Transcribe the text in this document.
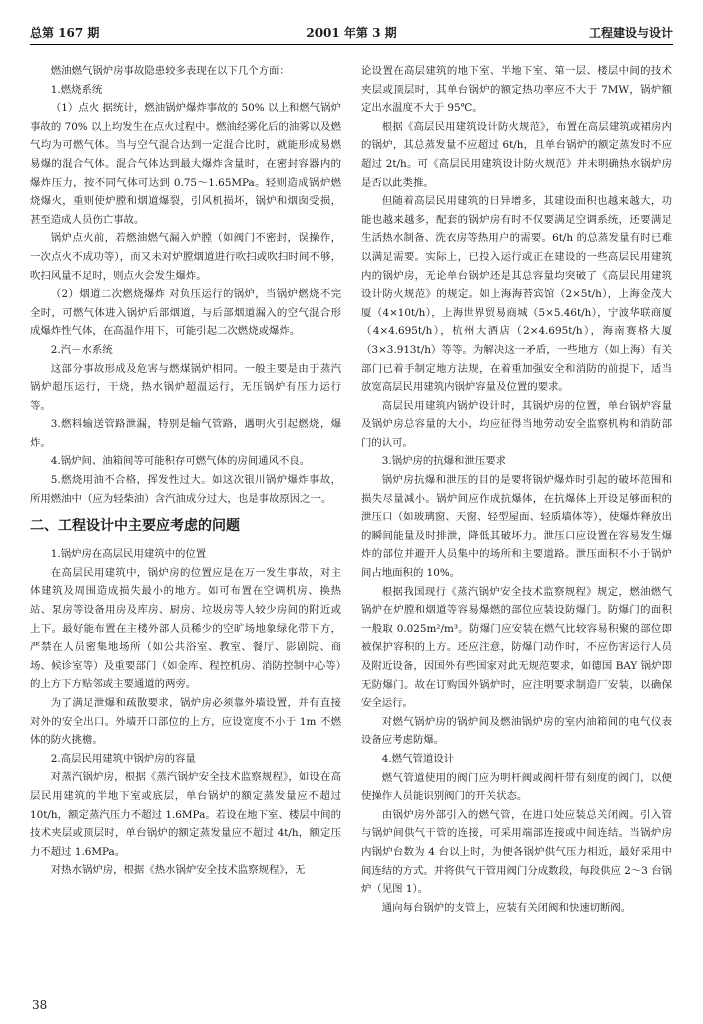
总第 167 期	2001 年第 3 期	工程建设与设计

燃油燃气锅炉房事故隐患较多表现在以下几个方面：

1.燃烧系统

（1）点火 据统计，燃油锅炉爆炸事故的 50% 以上和燃气锅炉事故的 70% 以上均发生在点火过程中。燃油经雾化后的油雾以及燃气均为可燃气体。当与空气混合达到一定混合比时，就能形成易燃易爆的混合气体。混合气体达到最大爆炸含量时，在密封容器内的爆炸压力，按不同气体可达到 0.75～1.65MPa。轻则造成锅炉燃烧爆火，重则使炉膛和烟道爆裂，引风机损坏，锅炉和烟囱受损，甚至造成人员伤亡事故。

锅炉点火前，若燃油燃气漏入炉膛（如阀门不密封，误操作，一次点火不成功等），而又未对炉膛烟道进行吹扫或吹扫时间不够，吹扫风量不足时，则点火会发生爆炸。

（2）烟道二次燃烧爆炸 对负压运行的锅炉，当锅炉燃烧不完全时，可燃气体进入锅炉后部烟道，与后部烟道漏入的空气混合形成爆炸性气体，在高温作用下，可能引起二次燃烧或爆炸。

2.汽－水系统

这部分事故形成及危害与燃煤锅炉相同。一般主要是由于蒸汽锅炉超压运行，干烧，热水锅炉超温运行，无压锅炉有压力运行等。

3.燃料输送管路泄漏，特别是输气管路，遇明火引起燃烧，爆炸。

4.锅炉间、油箱间等可能积存可燃气体的房间通风不良。

5.燃烧用油不合格，挥发性过大。如这次银川锅炉爆炸事故，所用燃油中（应为轻柴油）含汽油成分过大，也是事故原因之一。

二、工程设计中主要应考虑的问题

1.锅炉房在高层民用建筑中的位置

在高层民用建筑中，锅炉房的位置应是在万一发生事故，对主体建筑及周围造成损失最小的地方。如可布置在空调机房、换热站、泵房等设备用房及库房、厨房、垃圾房等人较少房间的附近或上下。最好能布置在主楼外部人员稀少的空旷场地象绿化带下方，严禁在人员密集地场所（如公共浴室、教室、餐厅、影剧院、商场、候诊室等）及重要部门（如金库、程控机房、消防控制中心等）的上方下方贴邻或主要通道的两旁。

为了满足泄爆和疏散要求，锅炉房必须靠外墙设置，并有直接对外的安全出口。外墙开口部位的上方，应设宽度不小于 1m 不燃体的防火挑檐。

2.高层民用建筑中锅炉房的容量

对蒸汽锅炉房，根据《蒸汽锅炉安全技术监察规程》，如设在高层民用建筑的半地下室或底层，单台锅炉的额定蒸发量应不超过 10t/h，额定蒸汽压力不超过 1.6MPa。若设在地下室、楼层中间的技术夹层或顶层时，单台锅炉的额定蒸发量应不超过 4t/h，额定压力不超过 1.6MPa。

对热水锅炉房，根据《热水锅炉安全技术监察规程》，无

论设置在高层建筑的地下室、半地下室、第一层、楼层中间的技术夹层或顶层时，其单台锅炉的额定热功率应不大于 7MW，锅炉额定出水温度不大于 95℃。

根据《高层民用建筑设计防火规范》，布置在高层建筑或裙房内的锅炉，其总蒸发量不应超过 6t/h，且单台锅炉的额定蒸发时不应超过 2t/h。可《高层民用建筑设计防火规范》并未明确热水锅炉房是否以此类推。

但随着高层民用建筑的日异增多，其建设面积也越来越大，功能也越来越多，配套的锅炉房有时不仅要满足空调系统，还要满足生活热水制备、洗衣房等热用户的需要。6t/h 的总蒸发量有时已难以满足需要。实际上，已投入运行或正在建设的一些高层民用建筑内的锅炉房，无论单台锅炉还是其总容量均突破了《高层民用建筑设计防火规范》的规定。如上海海苔宾馆（2×5t/h），上海金茂大厦（4×10t/h），上海世界贸易商城（5×5.46t/h），宁波华联商厦（4×4.695t/h），杭州大酒店（2×4.695t/h），海南赛格大厦（3×3.913t/h）等等。为解决这一矛盾，一些地方（如上海）有关部门已着手制定地方法规，在着重加强安全和消防的前提下，适当放宽高层民用建筑内锅炉容量及位置的要求。

高层民用建筑内锅炉设计时，其锅炉房的位置，单台锅炉容量及锅炉房总容量的大小，均应征得当地劳动安全监察机构和消防部门的认可。

3.锅炉房的抗爆和泄压要求

锅炉房抗爆和泄压的目的是要将锅炉爆炸时引起的破坏范围和损失尽量减小。锅炉间应作成抗爆体，在抗爆体上开设足够面积的泄压口（如玻璃窗、天窗、轻型屋面、轻质墙体等），使爆炸释放出的瞬间能量及时排泄，降低其破坏力。泄压口应设置在容易发生爆炸的部位并避开人员集中的场所和主要道路。泄压面积不小于锅炉间占地面积的 10%。

根据我国现行《蒸汽锅炉安全技术监察规程》规定，燃油燃气锅炉在炉膛和烟道等容易爆燃的部位应装设防爆门。防爆门的面积一般取 0.025m²/m³。防爆门应安装在燃气比较容易积聚的部位即被保护容积的上方。还应注意，防爆门动作时，不应伤害运行人员及附近设备，因国外有些国家对此无规范要求，如德国 BAY 锅炉即无防爆门。故在订购国外锅炉时，应注明要求制造厂安装，以确保安全运行。

对燃气锅炉房的锅炉间及燃油锅炉房的室内油箱间的电气仪表设备应考虑防爆。

4.燃气管道设计

燃气管道使用的阀门应为明杆阀或阀杆带有刻度的阀门，以便使操作人员能识别阀门的开关状态。

由锅炉房外部引入的燃气管，在进口处应装总关闭阀。引入管与锅炉间供气干管的连接，可采用端部连接或中间连结。当锅炉房内锅炉台数为 4 台以上时，为便各锅炉供气压力相近，最好采用中间连结的方式。并将供气干管用阀门分成数段，每段供应 2～3 台锅炉（见图 1）。

通向每台锅炉的支管上，应装有关闭阀和快速切断阀。

38
